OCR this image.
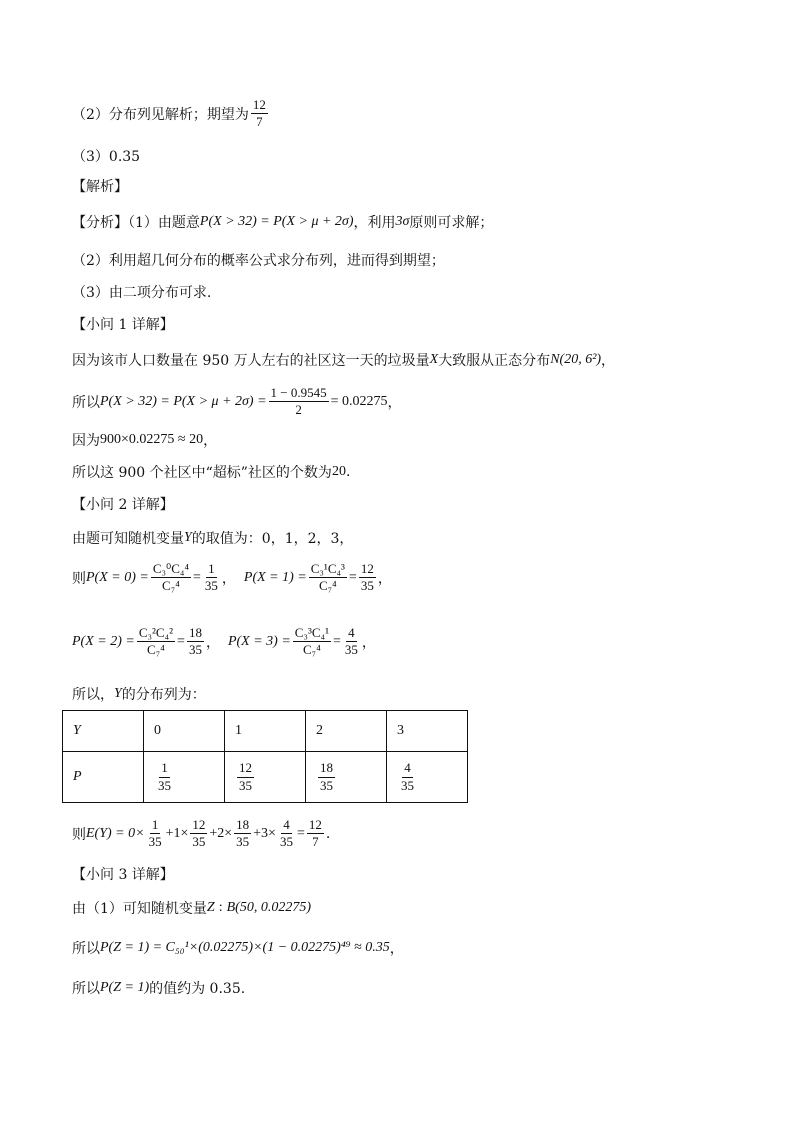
（2）分布列见解析；期望为 $\frac{12}{7}$
（3）0.35
【解析】
【分析】（1）由题意 P(X > 32) = P(X > μ + 2σ) ，利用 3σ 原则可求解；
（2）利用超几何分布的概率公式求分布列，进而得到期望；
（3）由二项分布可求.
【小问 1 详解】
因为该市人口数量在 950 万人左右的社区这一天的垃圾量 X 大致服从正态分布 N(20, 6²) ，
所以 $P(X > 32) = P(X > \mu + 2\sigma) = \frac{1 - 0.9545}{2} = 0.02275$ ，
因为 900×0.02275 ≈ 20 ，
所以这 900 个社区中“超标”社区的个数为 20 .
【小问 2 详解】
由题可知随机变量 Y 的取值为：0，1，2，3，
则 $P(X = 0) = \frac{\text{C₃⁰C₄⁴}}{\text{C₇⁴}} = \frac{1}{35}$ ， $P(X = 1) = \frac{\text{C₃¹C₄³}}{\text{C₇⁴}} = \frac{12}{35}$ ，
$P(X = 2) = \frac{\text{C₃²C₄²}}{\text{C₇⁴}} = \frac{18}{35}$ ， $P(X = 3) = \frac{\text{C₃³C₄¹}}{\text{C₇⁴}} = \frac{4}{35}$ ，
所以， Y 的分布列为：
Y	0	1	2	3
P	$\frac{1}{35}$	$\frac{12}{35}$	$\frac{18}{35}$	$\frac{4}{35}$
则 $E(Y) = 0\times \frac{1}{35} +1\times \frac{12}{35} +2\times \frac{18}{35} +3\times \frac{4}{35} = \frac{12}{7}$ .
【小问 3 详解】
由（1）可知随机变量 Z : B(50, 0.02275)
所以 P(Z = 1) = C₅₀¹×(0.02275)×(1 − 0.02275)⁴⁹ ≈ 0.35 ，
所以 P(Z = 1) 的值约为 0.35.
